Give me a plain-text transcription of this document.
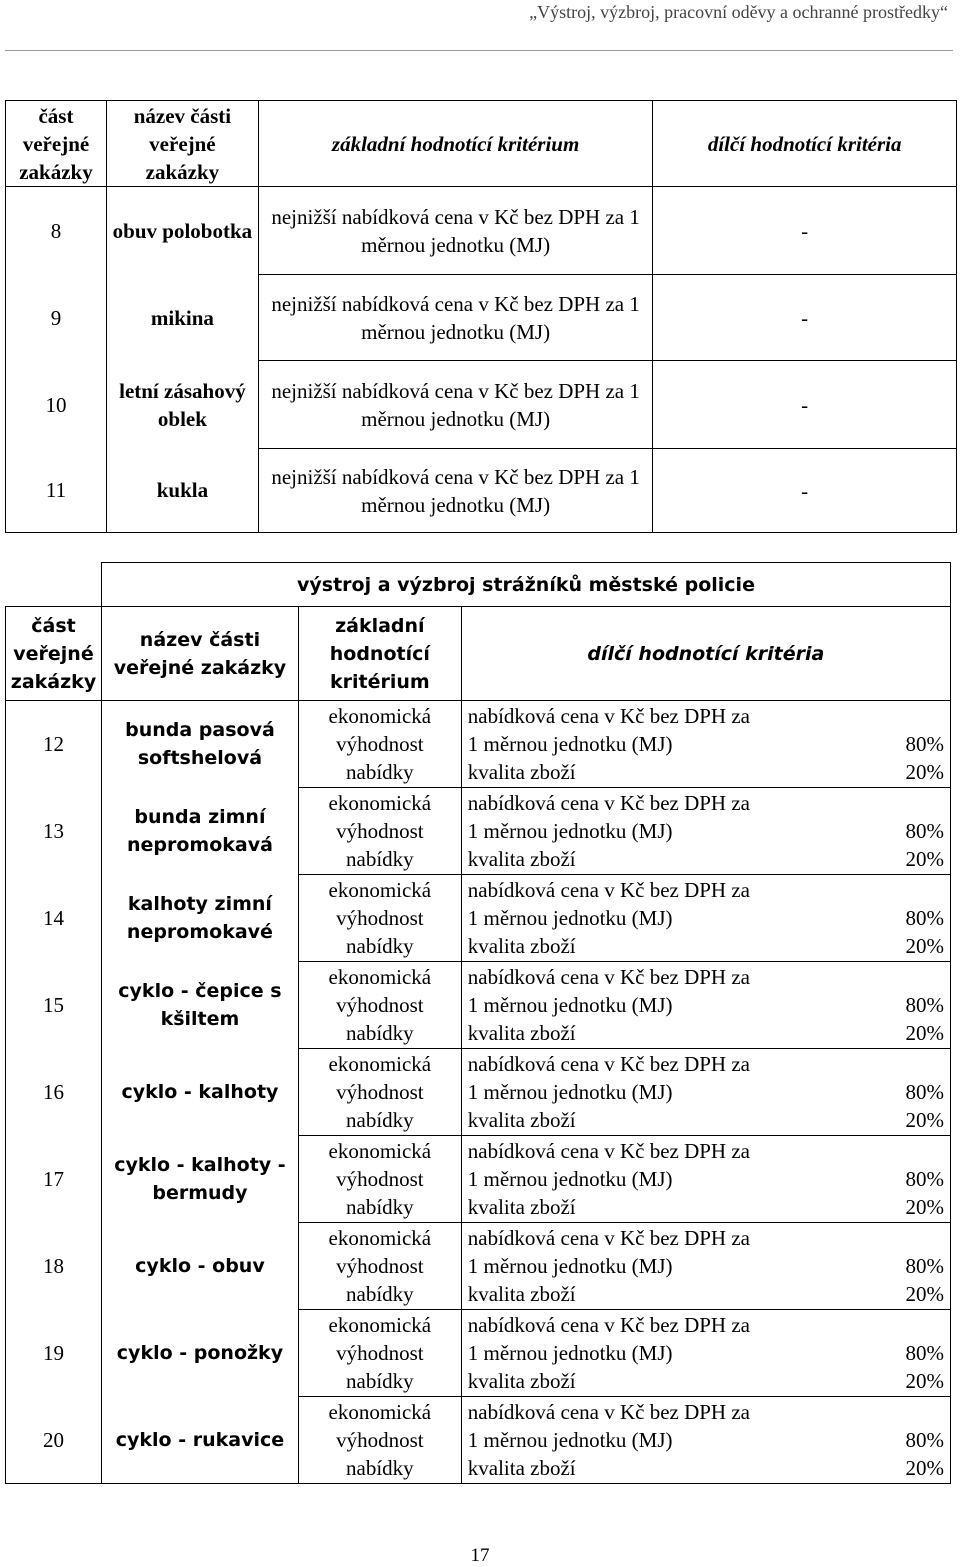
„Výstroj, výzbroj, pracovní oděvy a ochranné prostředky“
část veřejné zakázky	název části veřejné zakázky	základní hodnotící kritérium	dílčí hodnotící kritéria
8	obuv polobotka	nejnižší nabídková cena v Kč bez DPH za 1 měrnou jednotku (MJ)	-
9	mikina	nejnižší nabídková cena v Kč bez DPH za 1 měrnou jednotku (MJ)	-
10	letní zásahový oblek	nejnižší nabídková cena v Kč bez DPH za 1 měrnou jednotku (MJ)	-
11	kukla	nejnižší nabídková cena v Kč bez DPH za 1 měrnou jednotku (MJ)	-
	výstroj a výzbroj strážníků městské policie		
část veřejné zakázky	název části veřejné zakázky	základní hodnotící kritérium	dílčí hodnotící kritéria
12	bunda pasová softshelová	ekonomická výhodnost nabídky	nabídková cena v Kč bez DPH za
1 měrnou jednotku (MJ) 80%
kvalita zboží 20%

13	bunda zimní nepromokavá	ekonomická výhodnost nabídky	nabídková cena v Kč bez DPH za
1 měrnou jednotku (MJ) 80%
kvalita zboží 20%

14	kalhoty zimní nepromokavé	ekonomická výhodnost nabídky	nabídková cena v Kč bez DPH za
1 měrnou jednotku (MJ) 80%
kvalita zboží 20%

15	cyklo - čepice s kšiltem	ekonomická výhodnost nabídky	nabídková cena v Kč bez DPH za
1 měrnou jednotku (MJ) 80%
kvalita zboží 20%

16	cyklo - kalhoty	ekonomická výhodnost nabídky	nabídková cena v Kč bez DPH za
1 měrnou jednotku (MJ) 80%
kvalita zboží 20%

17	cyklo - kalhoty - bermudy	ekonomická výhodnost nabídky	nabídková cena v Kč bez DPH za
1 měrnou jednotku (MJ) 80%
kvalita zboží 20%

18	cyklo - obuv	ekonomická výhodnost nabídky	nabídková cena v Kč bez DPH za
1 měrnou jednotku (MJ) 80%
kvalita zboží 20%

19	cyklo - ponožky	ekonomická výhodnost nabídky	nabídková cena v Kč bez DPH za
1 měrnou jednotku (MJ) 80%
kvalita zboží 20%

20	cyklo - rukavice	ekonomická výhodnost nabídky	nabídková cena v Kč bez DPH za
1 měrnou jednotku (MJ) 80%
kvalita zboží 20%
17
